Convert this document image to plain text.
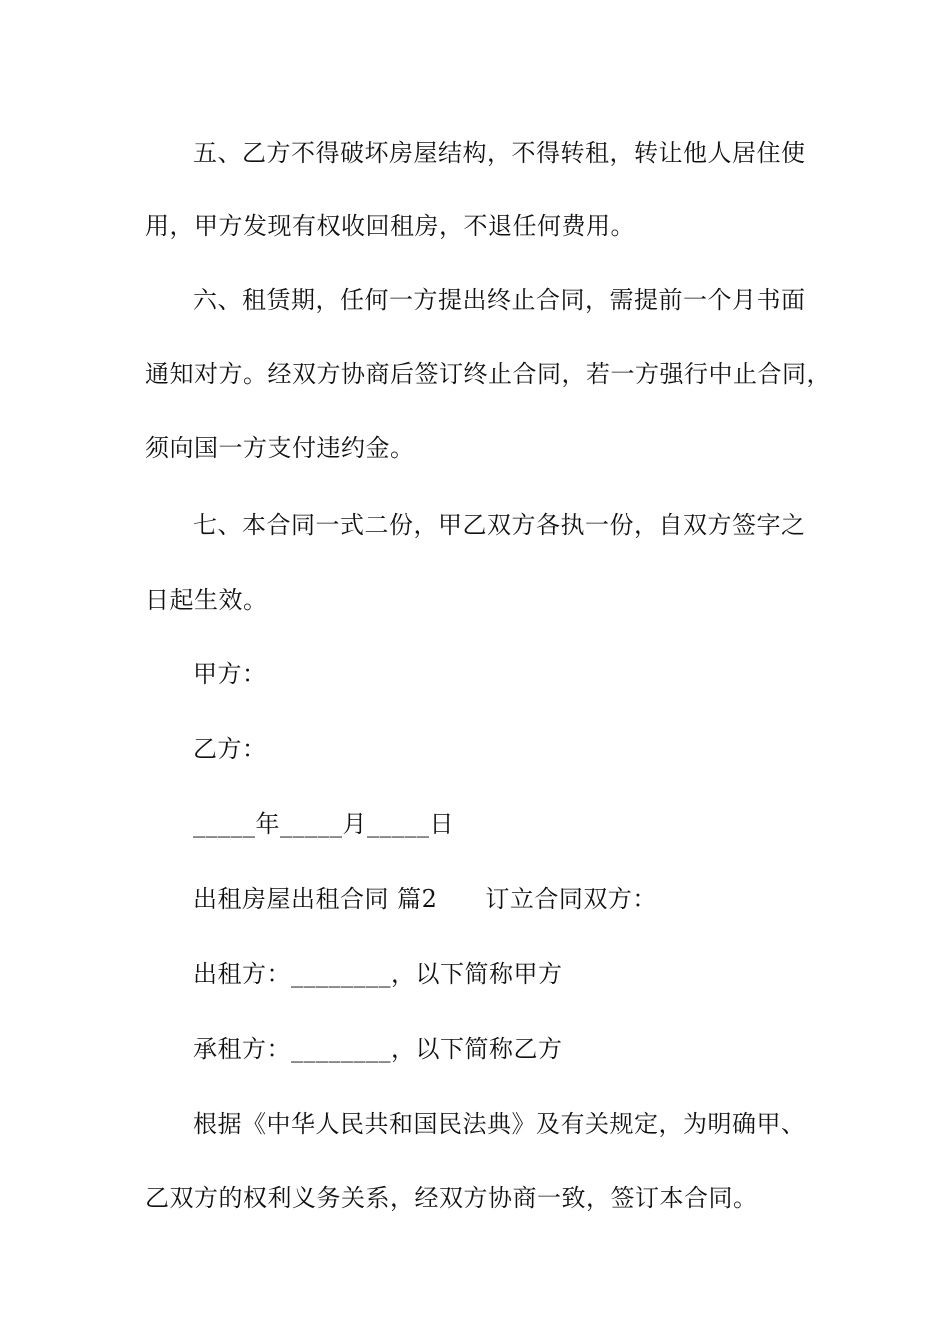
五、乙方不得破坏房屋结构，不得转租，转让他人居住使
用，甲方发现有权收回租房，不退任何费用。
六、租赁期，任何一方提出终止合同，需提前一个月书面
通知对方。经双方协商后签订终止合同，若一方强行中止合同，
须向国一方支付违约金。
七、本合同一式二份，甲乙双方各执一份，自双方签字之
日起生效。
甲方：
乙方：
_____年_____月_____日
出租房屋出租合同 篇2 订立合同双方：
出租方：________，以下简称甲方
承租方：________，以下简称乙方
根据《中华人民共和国民法典》及有关规定，为明确甲、
乙双方的权利义务关系，经双方协商一致，签订本合同。
